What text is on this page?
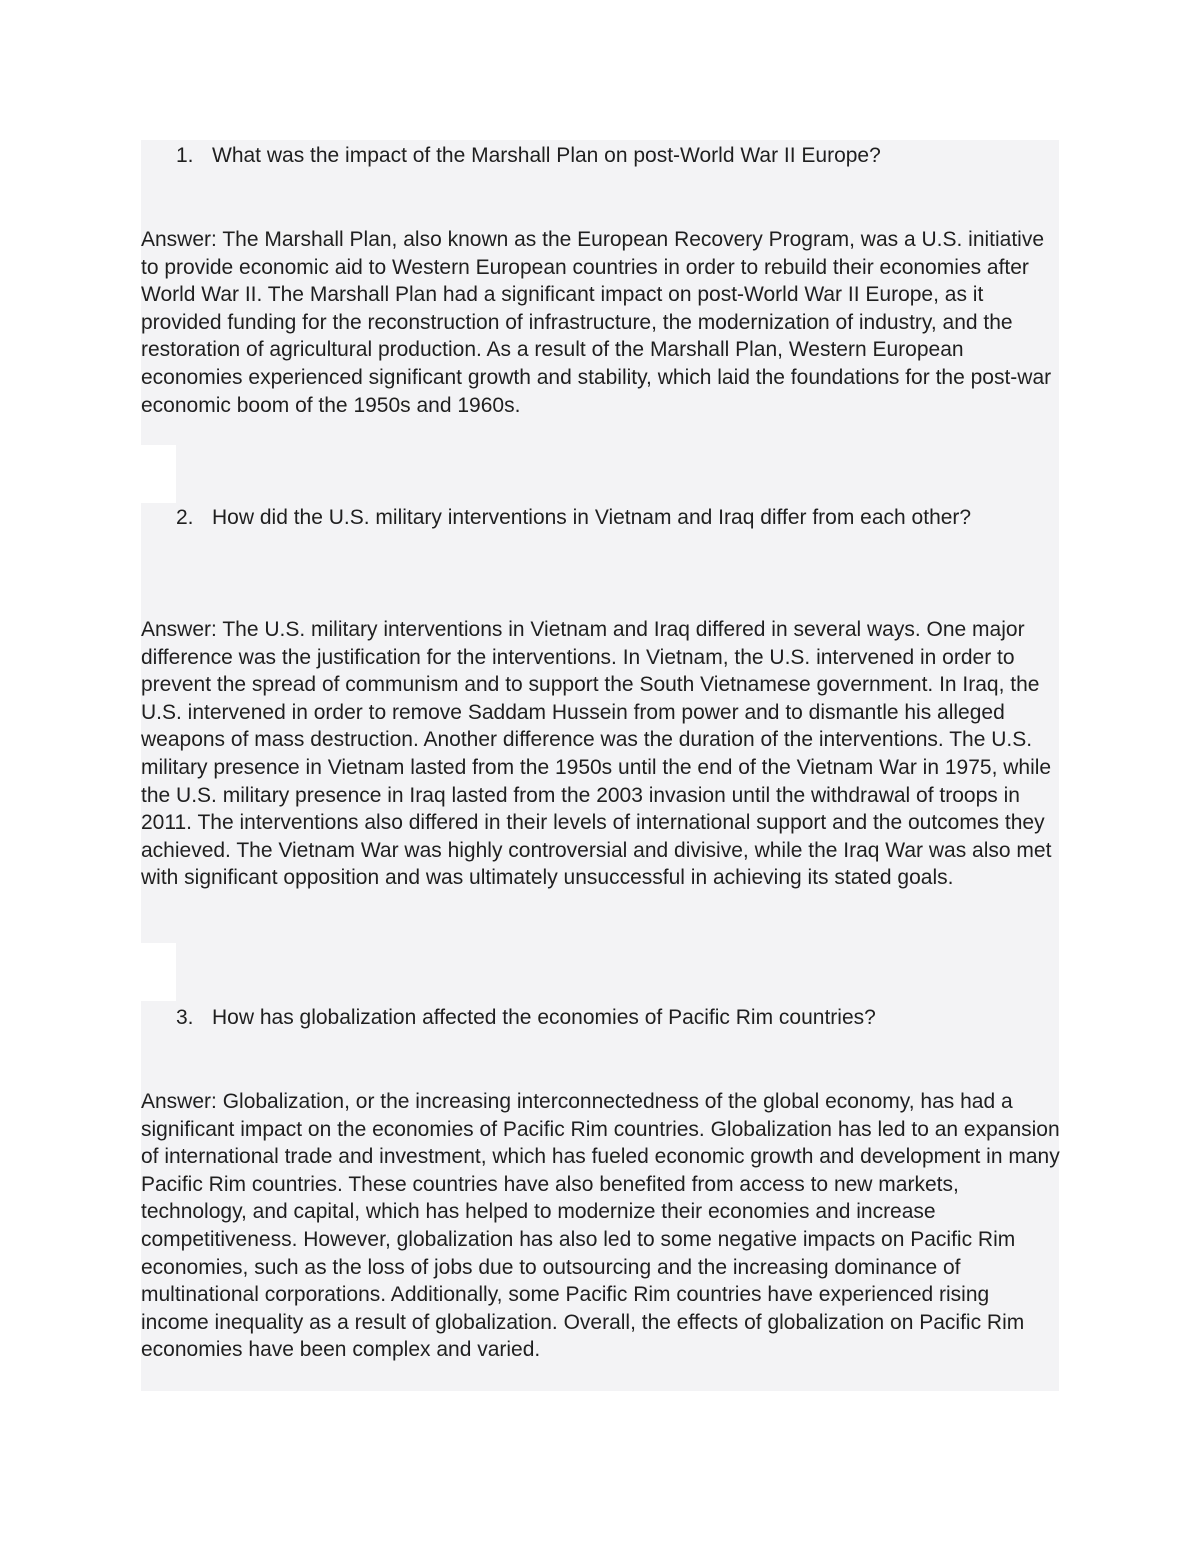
1. What was the impact of the Marshall Plan on post-World War II Europe?
Answer: The Marshall Plan, also known as the European Recovery Program, was a U.S. initiative to provide economic aid to Western European countries in order to rebuild their economies after World War II. The Marshall Plan had a significant impact on post-World War II Europe, as it provided funding for the reconstruction of infrastructure, the modernization of industry, and the restoration of agricultural production. As a result of the Marshall Plan, Western European economies experienced significant growth and stability, which laid the foundations for the post-war economic boom of the 1950s and 1960s.
2. How did the U.S. military interventions in Vietnam and Iraq differ from each other?
Answer: The U.S. military interventions in Vietnam and Iraq differed in several ways. One major difference was the justification for the interventions. In Vietnam, the U.S. intervened in order to prevent the spread of communism and to support the South Vietnamese government. In Iraq, the U.S. intervened in order to remove Saddam Hussein from power and to dismantle his alleged weapons of mass destruction. Another difference was the duration of the interventions. The U.S. military presence in Vietnam lasted from the 1950s until the end of the Vietnam War in 1975, while the U.S. military presence in Iraq lasted from the 2003 invasion until the withdrawal of troops in 2011. The interventions also differed in their levels of international support and the outcomes they achieved. The Vietnam War was highly controversial and divisive, while the Iraq War was also met with significant opposition and was ultimately unsuccessful in achieving its stated goals.
3. How has globalization affected the economies of Pacific Rim countries?
Answer: Globalization, or the increasing interconnectedness of the global economy, has had a significant impact on the economies of Pacific Rim countries. Globalization has led to an expansion of international trade and investment, which has fueled economic growth and development in many Pacific Rim countries. These countries have also benefited from access to new markets, technology, and capital, which has helped to modernize their economies and increase competitiveness. However, globalization has also led to some negative impacts on Pacific Rim economies, such as the loss of jobs due to outsourcing and the increasing dominance of multinational corporations. Additionally, some Pacific Rim countries have experienced rising income inequality as a result of globalization. Overall, the effects of globalization on Pacific Rim economies have been complex and varied.
